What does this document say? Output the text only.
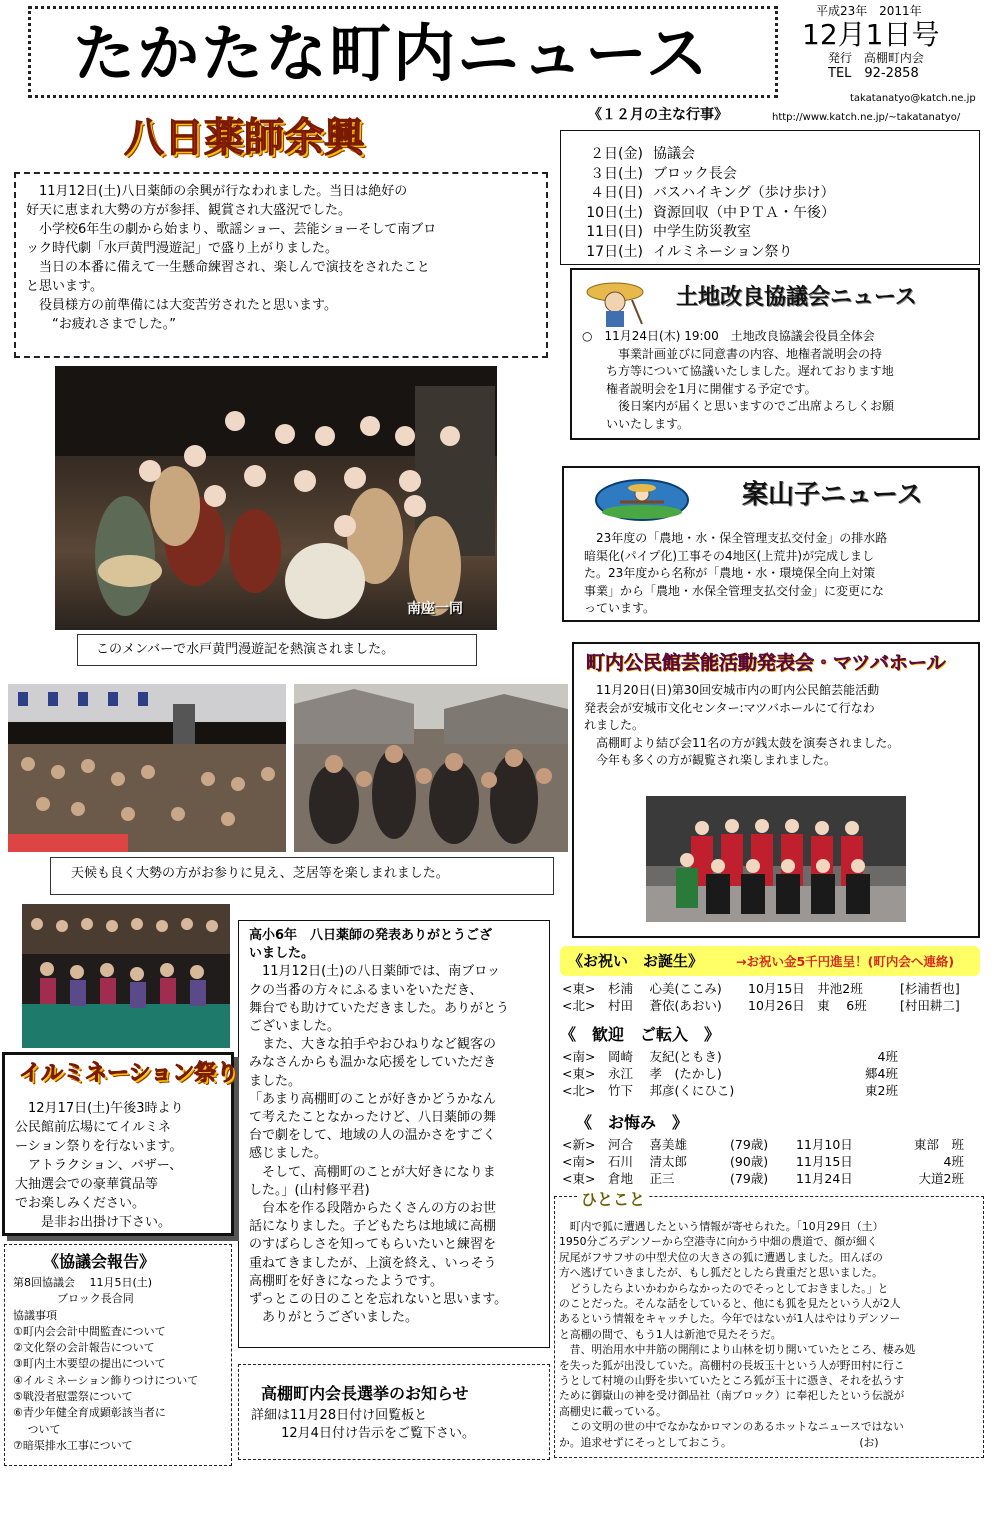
たかたな町内ニュース
平成23年 2011年
12月1日号
発行 高棚町内会
TEL　92-2858
takatanatyo@katch.ne.jp
http://www.katch.ne.jp/~takatanatyo/
《１２月の主な行事》
２日(金) 協議会
３日(土) ブロック長会
４日(日) バスハイキング（歩け歩け）
10日(土) 資源回収（中ＰＴＡ・午後）
11日(日) 中学生防災教室
17日(土) イルミネーション祭り
八日薬師余興
　11月12日(土)八日薬師の余興が行なわれました。当日は絶好の
好天に恵まれ大勢の方が参拝、観賞され大盛況でした。
　小学校6年生の劇から始まり、歌謡ショー、芸能ショーそして南ブロ
ック時代劇「水戸黄門漫遊記」で盛り上がりました。
　当日の本番に備えて一生懸命練習され、楽しんで演技をされたこと
と思います。
　役員様方の前準備には大変苦労されたと思います。
　　“お疲れさまでした。”
南座一同
このメンバーで水戸黄門漫遊記を熱演されました。
天候も良く大勢の方がお参りに見え、芝居等を楽しまれました。
土地改良協議会ニュース
○　11月24日(木) 19:00　土地改良協議会役員全体会
　　　事業計画並びに同意書の内容、地権者説明会の持
　　ち方等について協議いたしました。遅れております地
　　権者説明会を1月に開催する予定です。
　　　後日案内が届くと思いますのでご出席よろしくお願
　　いいたします。
案山子ニュース
　23年度の「農地・水・保全管理支払交付金」の排水路
暗渠化(パイプ化)工事その4地区(上荒井)が完成しまし
た。23年度から名称が「農地・水・環境保全向上対策
事業」から「農地・水保全管理支払交付金」に変更にな
っています。
町内公民館芸能活動発表会・マツバホール
　11月20日(日)第30回安城市内の町内公民館芸能活動
発表会が安城市文化センター:マツバホールにて行なわ
れました。
　高棚町より結び会11名の方が銭太鼓を演奏されました。
　今年も多くの方が観覧され楽しまれました。
高小6年　八日薬師の発表ありがとうござ
いました。
　11月12日(土)の八日薬師では、南ブロッ
クの当番の方々にふるまいをいただき、
舞台でも助けていただきました。ありがとう
ございました。
　また、大きな拍手やおひねりなど観客の
みなさんからも温かな応援をしていただき
ました。
「あまり高棚町のことが好きかどうかなん
て考えたことなかったけど、八日薬師の舞
台で劇をして、地域の人の温かさをすごく
感じました。
　そして、高棚町のことが大好きになりま
した。」(山村修平君)
　台本を作る段階からたくさんの方のお世
話になりました。子どもたちは地域に高棚
のすばらしさを知ってもらいたいと練習を
重ねてきましたが、上演を終え、いっそう
高棚町を好きになったようです。
ずっとこの日のことを忘れないと思います。
　ありがとうございました。
イルミネーション祭り
　12月17日(土)午後3時より
公民館前広場にてイルミネ
ーション祭りを行ないます。
　アトラクション、バザー、
大抽選会での豪華賞品等
でお楽しみください。
　　是非お出掛け下さい。
《協議会報告》
第8回協議会　 11月5日(土)
　　　　ブロック長合同
協議事項
①町内会会計中間監査について
②文化祭の会計報告について
③町内土木要望の提出について
④イルミネーション飾りつけについて
⑤戦没者慰霊祭について
⑥青少年健全育成顕彰該当者に
　 ついて
⑦暗渠排水工事について
高棚町内会長選挙のお知らせ
詳細は11月28日付け回覧板と
　　 12月4日付け告示をご覧下さい。
《お祝い　お誕生》	→お祝い金5千円進呈！(町内会へ連絡)
<東>	杉浦　 心美(ここみ)	10月15日　井池2班	[杉浦哲也]
<北>	村田　 蒼依(あおい)	10月26日　東　 6班	[村田耕二]
《　歓迎　ご転入　》
<南>	岡崎　 友紀(ともき)	4班
<東>	永江　 孝　(たかし)	郷4班
<北>	竹下　 邦彦(くにひこ)	東2班
《　お悔み　》
<新>	河合　 喜美雄	(79歳)	11月10日	東部　班
<南>	石川　 清太郎	(90歳)	11月15日	4班
<東>	倉地　 正三	(79歳)	11月24日	大道2班
ひとこと
　町内で狐に遭遇したという情報が寄せられた。「10月29日（土）
1950分ごろデンソーから空港寺に向かう中畑の農道で、顔が細く
尻尾がフサフサの中型犬位の大きさの狐に遭遇しました。田んぼの
方へ逃げていきましたが、もし狐だとしたら貴重だと思いました。
　どうしたらよいかわからなかったのでそっとしておきました。」と
のことだった。そんな話をしていると、他にも狐を見たという人が2人
あるという情報をキャッチした。今年ではないが1人はやはりデンソー
と高棚の間で、もう1人は新池で見たそうだ。
　昔、明治用水中井筋の開削により山林を切り開いていたところ、棲み処
を失った狐が出没していた。高棚村の長坂玉十という人が野田村に行こ
うとして村境の山野を歩いていたところ狐が玉十に憑き、それを払うす
ために御嶽山の神を受け御品社（南ブロック）に奉祀したという伝説が
高棚史に載っている。
　この文明の世の中でなかなかロマンのあるホットなニュースではない
か。追求せずにそっとしておこう。　　　　　　　　　　　　 (お)
